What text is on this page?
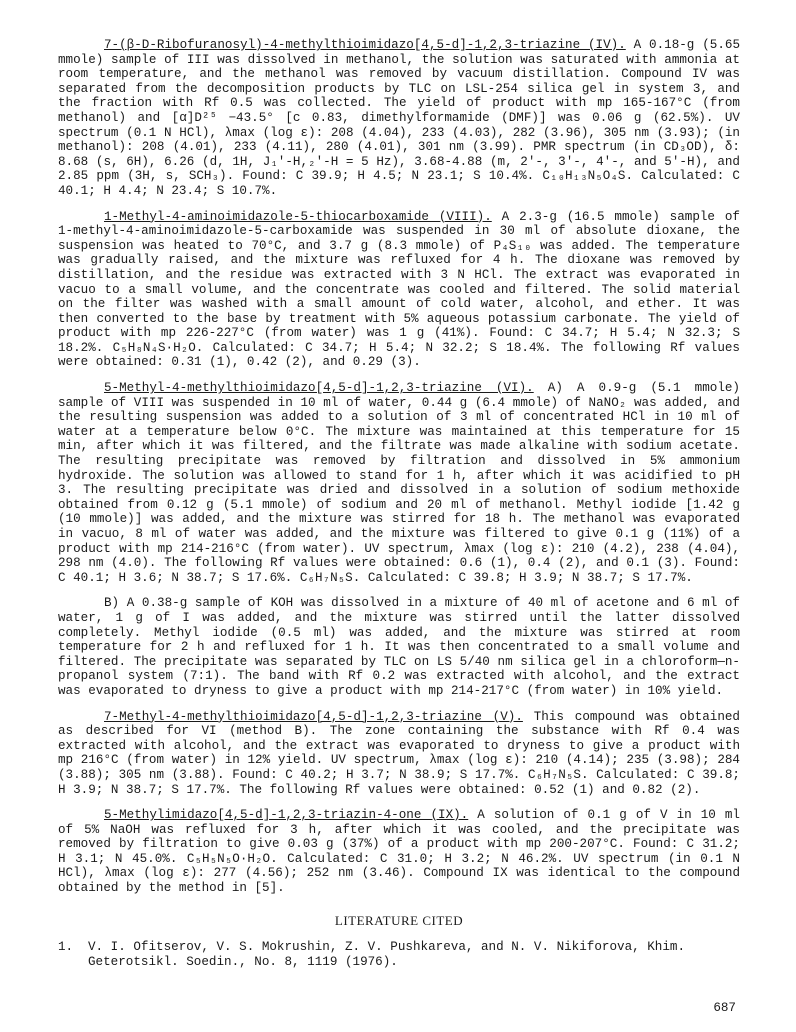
7-(β-D-Ribofuranosyl)-4-methylthioimidazo[4,5-d]-1,2,3-triazine (IV). A 0.18-g (5.65 mmole) sample of III was dissolved in methanol, the solution was saturated with ammonia at room temperature, and the methanol was removed by vacuum distillation. Compound IV was separated from the decomposition products by TLC on LSL-254 silica gel in system 3, and the fraction with Rf 0.5 was collected. The yield of product with mp 165-167°C (from methanol) and [α]D²⁵ −43.5° [c 0.83, dimethylformamide (DMF)] was 0.06 g (62.5%). UV spectrum (0.1 N HCl), λmax (log ε): 208 (4.04), 233 (4.03), 282 (3.96), 305 nm (3.93); (in methanol): 208 (4.01), 233 (4.11), 280 (4.01), 301 nm (3.99). PMR spectrum (in CD₃OD), δ: 8.68 (s, 6H), 6.26 (d, 1H, J₁'-H,₂'-H = 5 Hz), 3.68-4.88 (m, 2'-, 3'-, 4'-, and 5'-H), and 2.85 ppm (3H, s, SCH₃). Found: C 39.9; H 4.5; N 23.1; S 10.4%. C₁₀H₁₃N₅O₄S. Calculated: C 40.1; H 4.4; N 23.4; S 10.7%.

1-Methyl-4-aminoimidazole-5-thiocarboxamide (VIII). A 2.3-g (16.5 mmole) sample of 1-methyl-4-aminoimidazole-5-carboxamide was suspended in 30 ml of absolute dioxane, the suspension was heated to 70°C, and 3.7 g (8.3 mmole) of P₄S₁₀ was added. The temperature was gradually raised, and the mixture was refluxed for 4 h. The dioxane was removed by distillation, and the residue was extracted with 3 N HCl. The extract was evaporated in vacuo to a small volume, and the concentrate was cooled and filtered. The solid material on the filter was washed with a small amount of cold water, alcohol, and ether. It was then converted to the base by treatment with 5% aqueous potassium carbonate. The yield of product with mp 226-227°C (from water) was 1 g (41%). Found: C 34.7; H 5.4; N 32.3; S 18.2%. C₅H₈N₄S·H₂O. Calculated: C 34.7; H 5.4; N 32.2; S 18.4%. The following Rf values were obtained: 0.31 (1), 0.42 (2), and 0.29 (3).

5-Methyl-4-methylthioimidazo[4,5-d]-1,2,3-triazine (VI). A) A 0.9-g (5.1 mmole) sample of VIII was suspended in 10 ml of water, 0.44 g (6.4 mmole) of NaNO₂ was added, and the resulting suspension was added to a solution of 3 ml of concentrated HCl in 10 ml of water at a temperature below 0°C. The mixture was maintained at this temperature for 15 min, after which it was filtered, and the filtrate was made alkaline with sodium acetate. The resulting precipitate was removed by filtration and dissolved in 5% ammonium hydroxide. The solution was allowed to stand for 1 h, after which it was acidified to pH 3. The resulting precipitate was dried and dissolved in a solution of sodium methoxide obtained from 0.12 g (5.1 mmole) of sodium and 20 ml of methanol. Methyl iodide [1.42 g (10 mmole)] was added, and the mixture was stirred for 18 h. The methanol was evaporated in vacuo, 8 ml of water was added, and the mixture was filtered to give 0.1 g (11%) of a product with mp 214-216°C (from water). UV spectrum, λmax (log ε): 210 (4.2), 238 (4.04), 298 nm (4.0). The following Rf values were obtained: 0.6 (1), 0.4 (2), and 0.1 (3). Found: C 40.1; H 3.6; N 38.7; S 17.6%. C₆H₇N₅S. Calculated: C 39.8; H 3.9; N 38.7; S 17.7%.

B) A 0.38-g sample of KOH was dissolved in a mixture of 40 ml of acetone and 6 ml of water, 1 g of I was added, and the mixture was stirred until the latter dissolved completely. Methyl iodide (0.5 ml) was added, and the mixture was stirred at room temperature for 2 h and refluxed for 1 h. It was then concentrated to a small volume and filtered. The precipitate was separated by TLC on LS 5/40 nm silica gel in a chloroform—n-propanol system (7:1). The band with Rf 0.2 was extracted with alcohol, and the extract was evaporated to dryness to give a product with mp 214-217°C (from water) in 10% yield.

7-Methyl-4-methylthioimidazo[4,5-d]-1,2,3-triazine (V). This compound was obtained as described for VI (method B). The zone containing the substance with Rf 0.4 was extracted with alcohol, and the extract was evaporated to dryness to give a product with mp 216°C (from water) in 12% yield. UV spectrum, λmax (log ε): 210 (4.14); 235 (3.98); 284 (3.88); 305 nm (3.88). Found: C 40.2; H 3.7; N 38.9; S 17.7%. C₆H₇N₅S. Calculated: C 39.8; H 3.9; N 38.7; S 17.7%. The following Rf values were obtained: 0.52 (1) and 0.82 (2).

5-Methylimidazo[4,5-d]-1,2,3-triazin-4-one (IX). A solution of 0.1 g of V in 10 ml of 5% NaOH was refluxed for 3 h, after which it was cooled, and the precipitate was removed by filtration to give 0.03 g (37%) of a product with mp 200-207°C. Found: C 31.2; H 3.1; N 45.0%. C₅H₅N₅O·H₂O. Calculated: C 31.0; H 3.2; N 46.2%. UV spectrum (in 0.1 N HCl), λmax (log ε): 277 (4.56); 252 nm (3.46). Compound IX was identical to the compound obtained by the method in [5].

LITERATURE CITED
1.	V. I. Ofitserov, V. S. Mokrushin, Z. V. Pushkareva, and N. V. Nikiforova, Khim. Geterotsikl. Soedin., No. 8, 1119 (1976).
687
